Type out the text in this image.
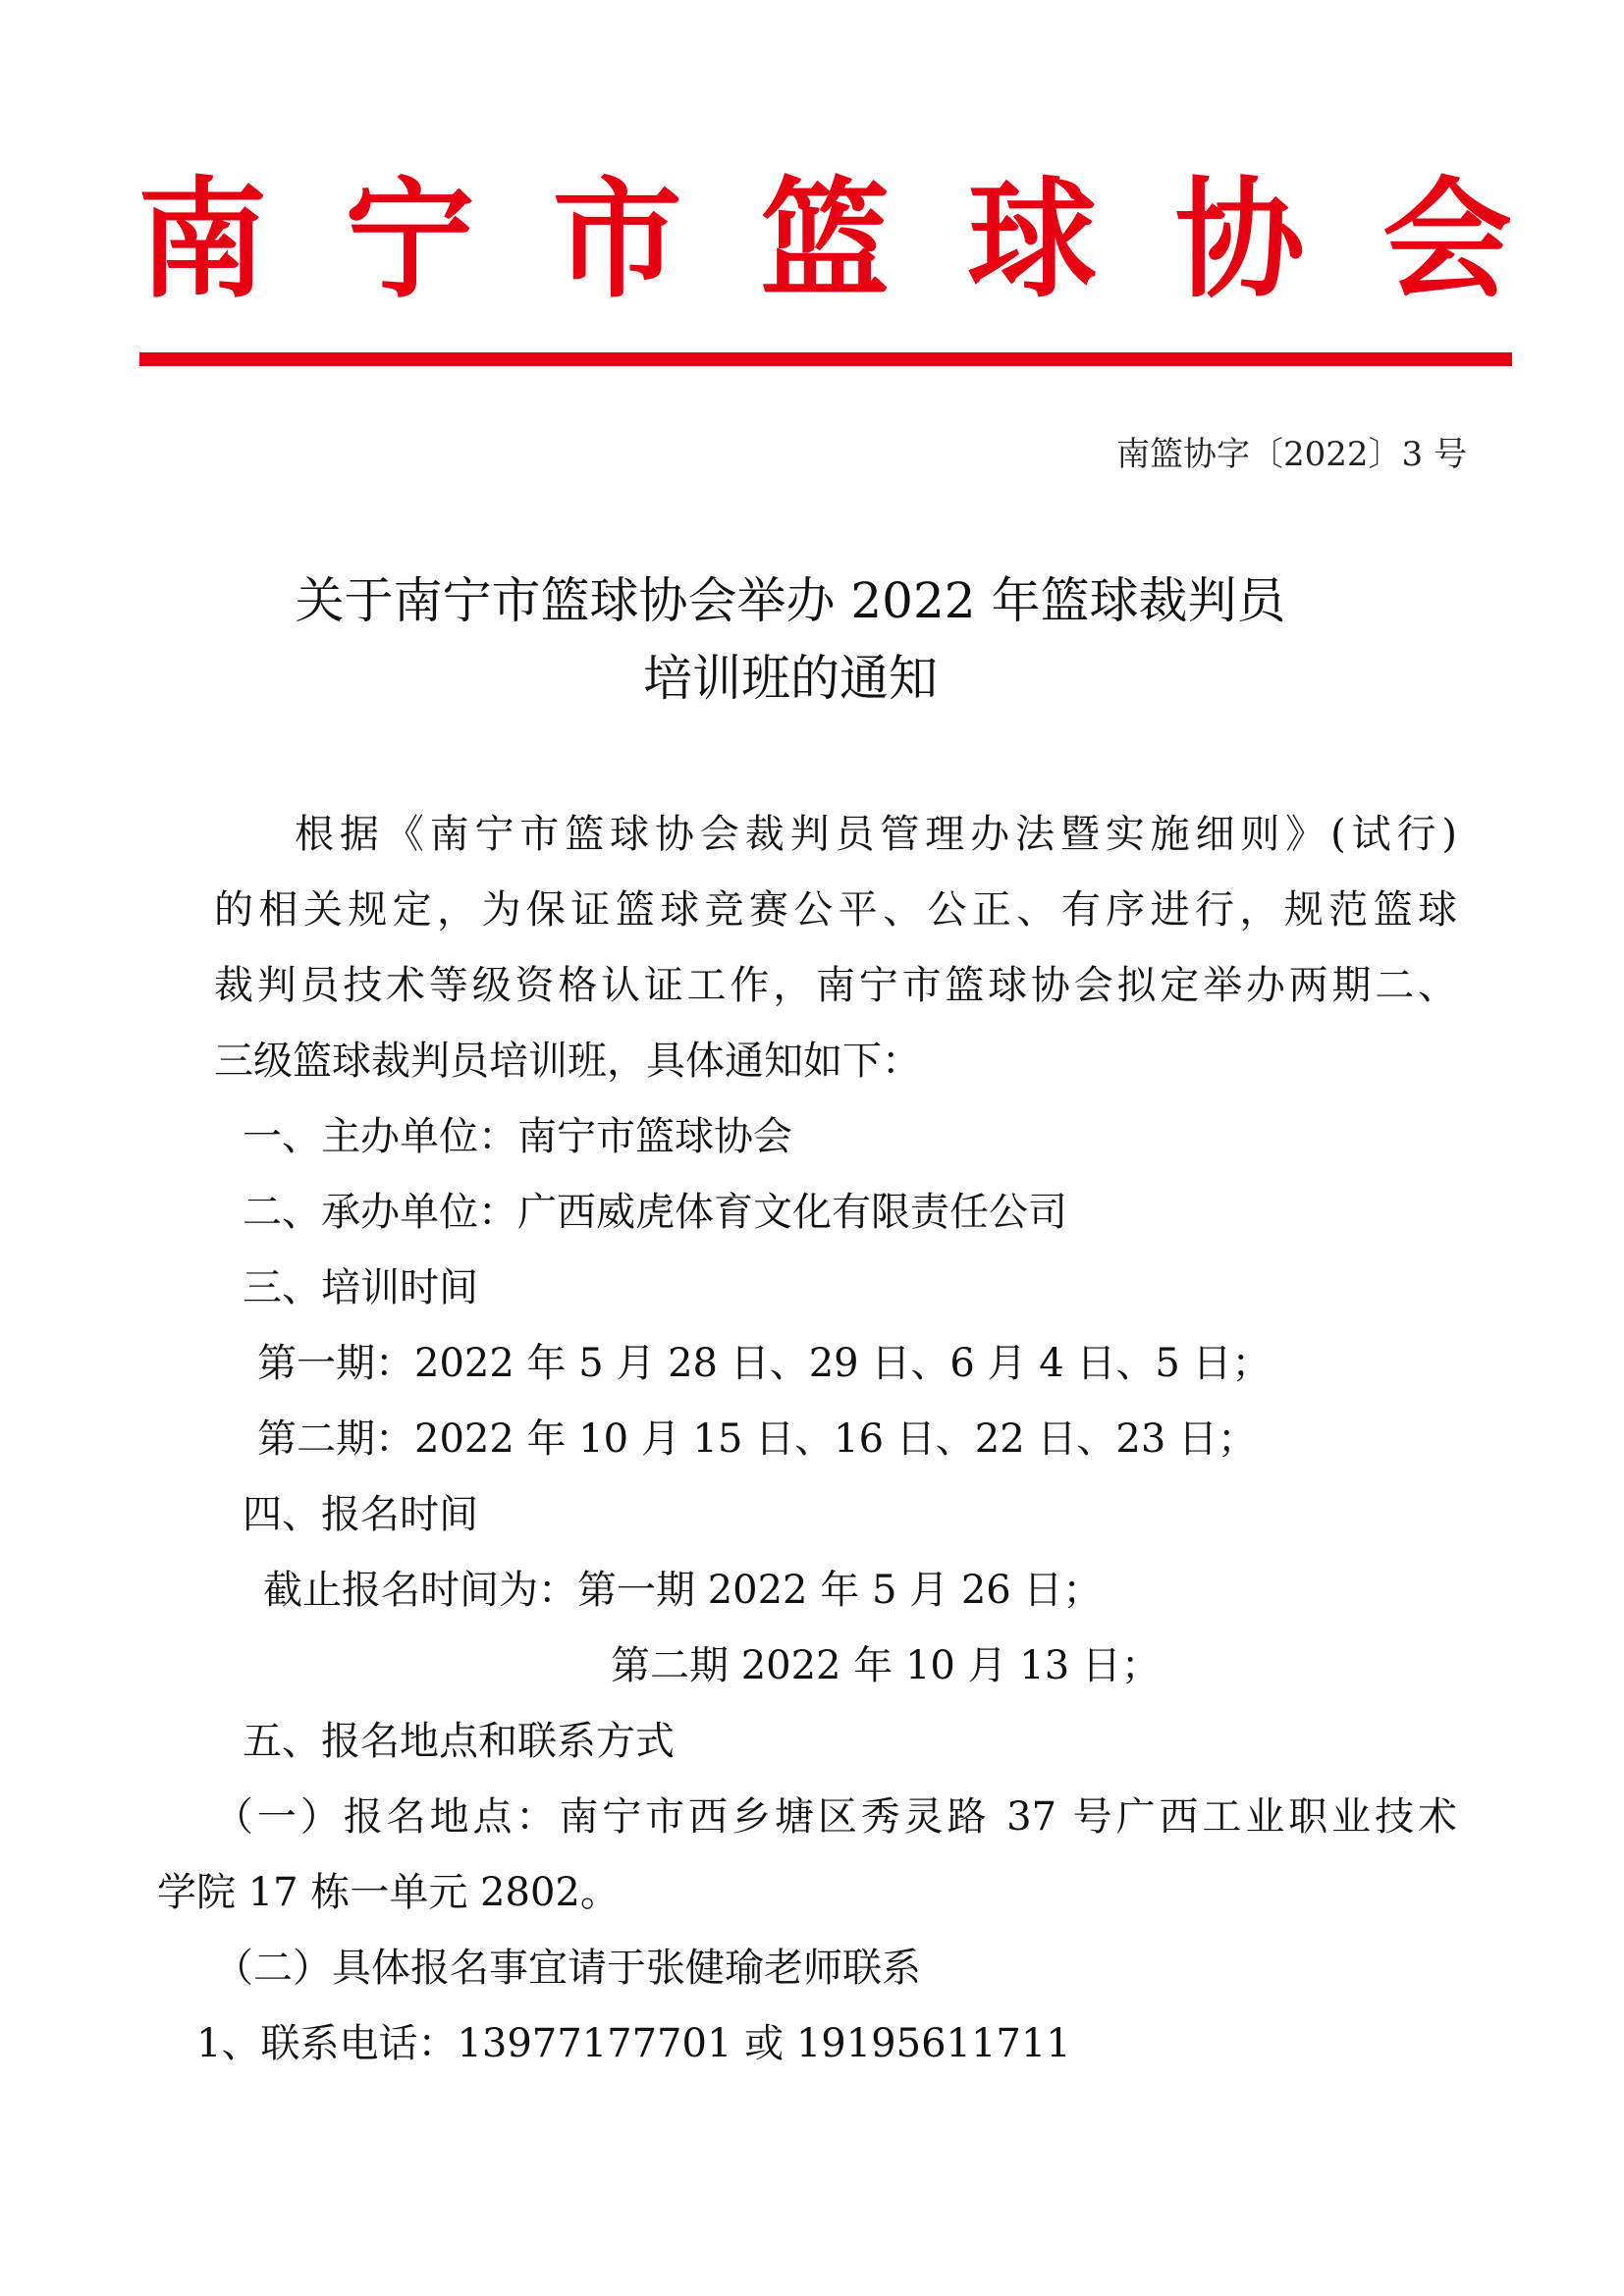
南 宁 市 篮 球 协 会
南篮协字〔2022〕3 号
关于南宁市篮球协会举办 2022 年篮球裁判员
培训班的通知
根据《南宁市篮球协会裁判员管理办法暨实施细则》(试行)
的相关规定，为保证篮球竞赛公平、公正、有序进行，规范篮球
裁判员技术等级资格认证工作，南宁市篮球协会拟定举办两期二、
三级篮球裁判员培训班，具体通知如下：
一、主办单位：南宁市篮球协会
二、承办单位：广西威虎体育文化有限责任公司
三、培训时间
第一期：2022 年 5 月 28 日、29 日、6 月 4 日、5 日；
第二期：2022 年 10 月 15 日、16 日、22 日、23 日；
四、报名时间
截止报名时间为：第一期 2022 年 5 月 26 日；
第二期 2022 年 10 月 13 日；
五、报名地点和联系方式
（一）报名地点：南宁市西乡塘区秀灵路 37 号广西工业职业技术
学院 17 栋一单元 2802。
（二）具体报名事宜请于张健瑜老师联系
1、联系电话：13977177701 或 19195611711
